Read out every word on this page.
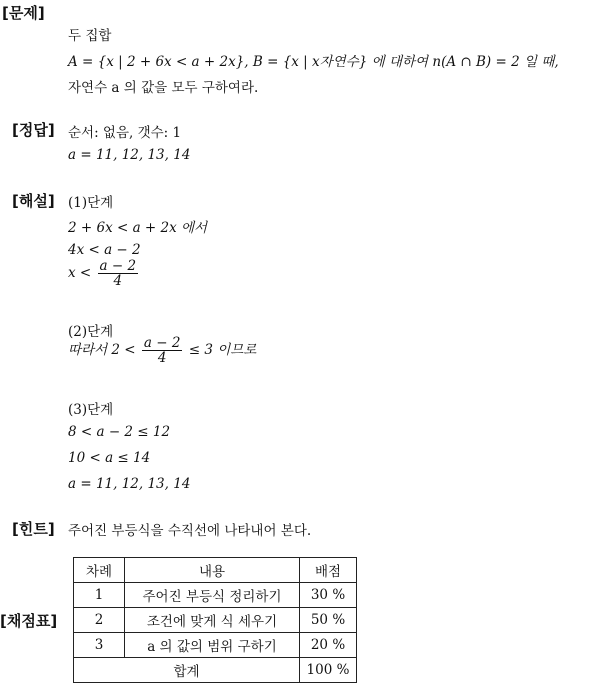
[문제]
두 집합
A = {x | 2 + 6x < a + 2x}, B = {x | x자연수} 에 대하여 n(A ∩ B) = 2 일 때,
자연수 a 의 값을 모두 구하여라.
[정답] 순서: 없음, 갯수: 1
a = 11, 12, 13, 14
[해설] (1)단계
2 + 6x < a + 2x 에서
4x < a − 2
$x < \frac{a - 2}{4}$
(2)단계
따라서 $2 < \frac{a - 2}{4} \le 3$ 이므로
(3)단계
8 < a − 2 ≤ 12
10 < a ≤ 14
a = 11, 12, 13, 14
[힌트] 주어진 부등식을 수직선에 나타내어 본다.
[채점표]
차례	내용	배점
1	주어진 부등식 정리하기	30 %
2	조건에 맞게 식 세우기	50 %
3	a 의 값의 범위 구하기	20 %
합계		100 %
